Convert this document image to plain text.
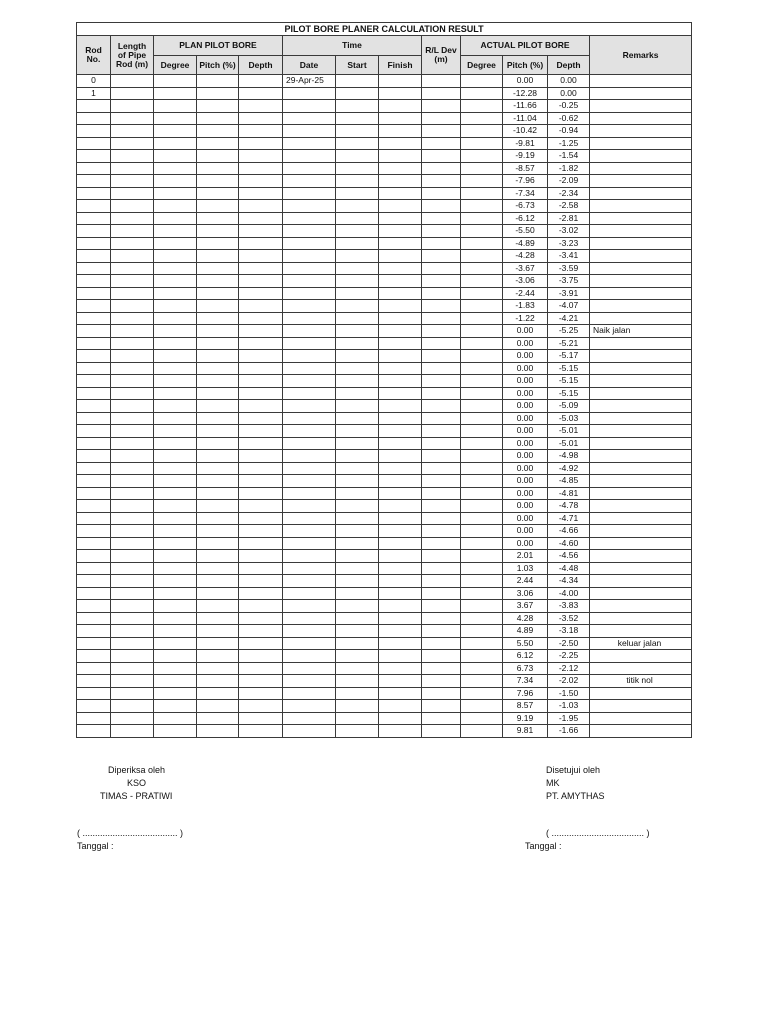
PILOT BORE PLANER CALCULATION RESULT												
Rod No.	Length of Pipe Rod (m)	PLAN PILOT BORE			Time			R/L Dev (m)	ACTUAL PILOT BORE			Remarks
		Degree	Pitch (%)	Depth	Date	Start	Finish		Degree	Pitch (%)	Depth	
0					29-Apr-25					0.00	0.00	
1										-12.28	0.00	
										-11.66	-0.25	
										-11.04	-0.62	
										-10.42	-0.94	
										-9.81	-1.25	
										-9.19	-1.54	
										-8.57	-1.82	
										-7.96	-2.09	
										-7.34	-2.34	
										-6.73	-2.58	
										-6.12	-2.81	
										-5.50	-3.02	
										-4.89	-3.23	
										-4.28	-3.41	
										-3.67	-3.59	
										-3.06	-3.75	
										-2.44	-3.91	
										-1.83	-4.07	
										-1.22	-4.21	
										0.00	-5.25	Naik jalan
										0.00	-5.21	
										0.00	-5.17	
										0.00	-5.15	
										0.00	-5.15	
										0.00	-5.15	
										0.00	-5.09	
										0.00	-5.03	
										0.00	-5.01	
										0.00	-5.01	
										0.00	-4.98	
										0.00	-4.92	
										0.00	-4.85	
										0.00	-4.81	
										0.00	-4.78	
										0.00	-4.71	
										0.00	-4.66	
										0.00	-4.60	
										2.01	-4.56	
										1.03	-4.48	
										2.44	-4.34	
										3.06	-4.00	
										3.67	-3.83	
										4.28	-3.52	
										4.89	-3.18	
										5.50	-2.50	keluar jalan
										6.12	-2.25	
										6.73	-2.12	
										7.34	-2.02	titik nol
										7.96	-1.50	
										8.57	-1.03	
										9.19	-1.95	
										9.81	-1.66	
Diperiksa oleh
KSO
TIMAS - PRATIWI
Disetujui oleh
MK
PT. AMYTHAS
( ...................................... )
Tanggal :
( ..................................... )
Tanggal :
